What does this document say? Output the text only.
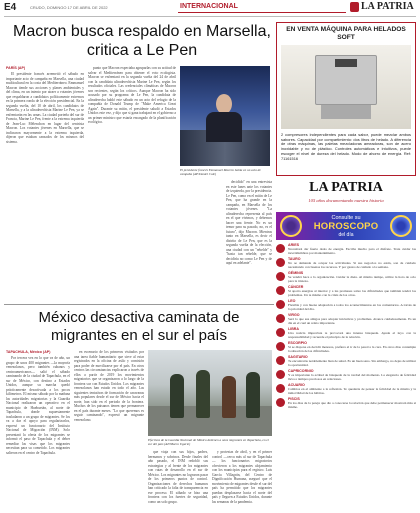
E4	CRUDO, DOMINGO 17 DE ABRIL DE 2022	INTERNACIONAL	LA PATRIA
Macron busca respaldo en Marsella, critica a Le Pen
PARÍS (AP)

El presidente francés arremetió el sábado en importante acto de campaña en Marsella, una ciudad multicultural en la costa del Mediterráneo. Emmanuel Macron tiende sus acciones y planes ambientales y del clima, en un intento por atraer a votantes jóvenes que respaldaron a candidatos políticamente extremos en la primera ronda de la elección presidencial. En la segunda vuelta, del 10 de abril, los candidatos de Marsella, y a la ultraderechista Marine Le Pen, ya se enfrentarán en las urnas. La ciudad porteña del sur de Francia, Marine Le Pen, frente a la extrema izquierda de Jean-Luc Mélenchon en lugar del centrista Macron. Los votantes jóvenes en Marsella, que se inclinaron mayormente a la extrema izquierda, dijeron que estaban cansados de los mismos del sistema.

punto que Macron expectaba agruparlas con su actitud de salvar el Mediterráneo para obtener el voto ecologista. Macron se enfrentará en la segunda vuelta del 24 de abril con la candidata ultraderechista Marine Le Pen, según los resultados oficiales. Las credenciales climáticas de Macron son recientes, según los críticos. Aunque Macron ha sido acusado por su programa de Le Pen, la candidata de ultraderecha habló este sábado en un acto del refugio de la compañía de Donald Trump de "Make America Great Again". Durante su mitin, el presidente saludó a Estados Unidos este vez, y dijo que si gana trabajará en el gobierno a un primer ministro que estaría encargado de la planificación ecológica.

El presidente francés Emmanuel Macron habla en un acto de campaña (AP/Daniel Cole)

decidido" en una entrevista en este lunes ante los votantes de izquierda, por la presidencia. Le Pen, como en el mitin de Le Pen, que ha grande en la campaña, en Marsella de los votantes jóvenes. "La ultraderecha representa al país en el que vivimos, y debemos hacer una frente. No es un temor para su pasado, no, es el futuro", dijo Macron. Mientras tanto en Marsella, es decir el distrito de Le Pen, que es la segunda vuelta de la elección, una ciudad con un "rebelde" y "hasta tan rebelde, que se decidiría no como Le Pen y de aquí en adelante".

EN VENTA MÁQUINA PARA HELADOS SOFT
2 compresores independientes para cada sabor, puede mezclar ambos sabores. Capacidad por compartimiento: dos litros de helado. A diferencia de otras máquinas, las paletas mezcladoras ameadoras, son de acero inoxidable y no de plástico. Controles automáticos e intuitivos, puede escoger el nivel de dureza del helado. Modo de ahorro de energía. Ref: 71161516
LA PATRIA
105 años documentando nuestra historia
Consulte su
HOROSCOPO
del día
ARIES
Necesitará dar fuerte dosis de energía. Escriba mucho para el disfrute. Trate cuidar las incertidumbres por mantenimiento.
TAURO
No se demande de ocupar las actividades. Si sus negocios no están, son de cuidado necesitando con buenas los recursos. Y por gastos de cuidado a la semana.
GÉMINIS
Se vendrá hace a la organización. Cuidar la dieta. Al mismo tiempo, utilice la hora de ocio para la tristeza.
CÁNCER
Si aporta energías al interior y a las promesas sobre las dificultades que también tendrá los problemas. Un te mismo con la crisis de los otros.
LEO
Flexible y con buena adaptación a todos los acontecimientos en los comentarios. A través de la prioridad del día.
VIRGO
Será lo que sus amigos para adoptar iniciativas y problemas. Avance cuidadosamente. Es un día en el cual un relato importante.
LIBRA
Una noticia imprevista te provocará una intensa búsqueda. Ayude el tuyo con la responsabilidad y recuerde el principio de la relación.
ESCORPIO
Si se dispone en decidir menores, prefiera el ir de la pared a la cara. En otros días contemple la situación de las dificultades.
SAGITARIO
Te encontrarás notablemente bien de salud. Es un buen sano. Sin embargo, no dejes de utilizar la oportunidad.
CAPRICORNIO
Y es importante la actitud de búsqueda de la verdad del momento. La elegancia de felicidad lleva a tiempos preciosos en relaciones.
ACUARIO
Cambios en el ambiente a la reflexión. Te quedarás de pensar la felicidad de la misma y la inmovilidad de los hábitos.
PISCIS
En los días de la pareja que dio a conocerse la relación que debe permanecer mostrará más sí mismo.
México desactiva caminata de migrantes en el sur el país
TAPACHULA, México (AP)

Por tercera vez en lo que va de año, un grupo de unos 400 migrantes —la mayoría venezolanos, pero también cubanos y centroamericanos— salió el sábado caminando de la ciudad de Tapachula, en el sur de México, con destino a Estados Unidos, aunque su marcha quedó prácticamente desactivada a los pocos kilómetros. El mismo sábado por la mañana las autoridades migratorias y la Guardia Nacional realizaron un operativo en el municipio de Huehuetán, al norte de Tapachula, donde supuestamente trasladaron a un grupo de migrantes. Se los va a dar el apoyo para regularizarlos, expresó un funcionario del Instituto Nacional de Migración (INM). Solo presentará la oferta de los migrantes se informó el paso de Tapachula y el deber remediar las visas que los migrantes necesitan para su cometido. Los migrantes salieron en el centro de Tapachula.

en escenario de los primeros visitados por una tarea fiable humanitario que sirve al estar registrados en la oficina de asilo y comisión para poder de movilizarse por el país. En otros centros las circunstancias explicaron a través de ellos a partir de 2019 los movimientos migratorios que se organizaron a lo largo de la frontera sur con Estados Unidos. Los migrantes venezolanos han estado en todo el año. Las siguientes tentativas de formación de caravanas más populares desde el sur de México hacia el norte, han sido en el periodo de la frontera. Muchos de los paisanos tienen que permanecer en el país durante meses. "Lo que queremos es seguir caminando", expresó un migrante venezolano.

Efectivos de la Guardia Nacional de México detienen a unos migrantes en Tapachula, en el sur del país (AP/Marco Ugarte)

que viaja con sus hijos, padres, hermanos y sobrinos. Desde finales del año pasado, el INM redobló sus estrategias y al frente de los migrantes con rutas de desarrollo en el sur de México. Los migrantes no lograron pasar de los primeros puntos de control. Organizaciones de derechos humanos han criticado la falta de transparencia en ese proceso. El sábado se hizo una frontera con los fuertes de seguridad, como un solo grupo.

y protestas de abril, y en el primer control —cerca más al sur de Tapachula— los funcionarios migratorios ofrecieron a los migrantes alojamiento con los municipios para el registro. Luis García Villagrán, del Centro de Dignificación Humana, aseguró que el movimiento de migrantes desde el sur del país ha permitido que los migrantes puedan desplazarse hacia el norte del país y lleguen a Estados Unidos, durante las semanas de la pandemia.
